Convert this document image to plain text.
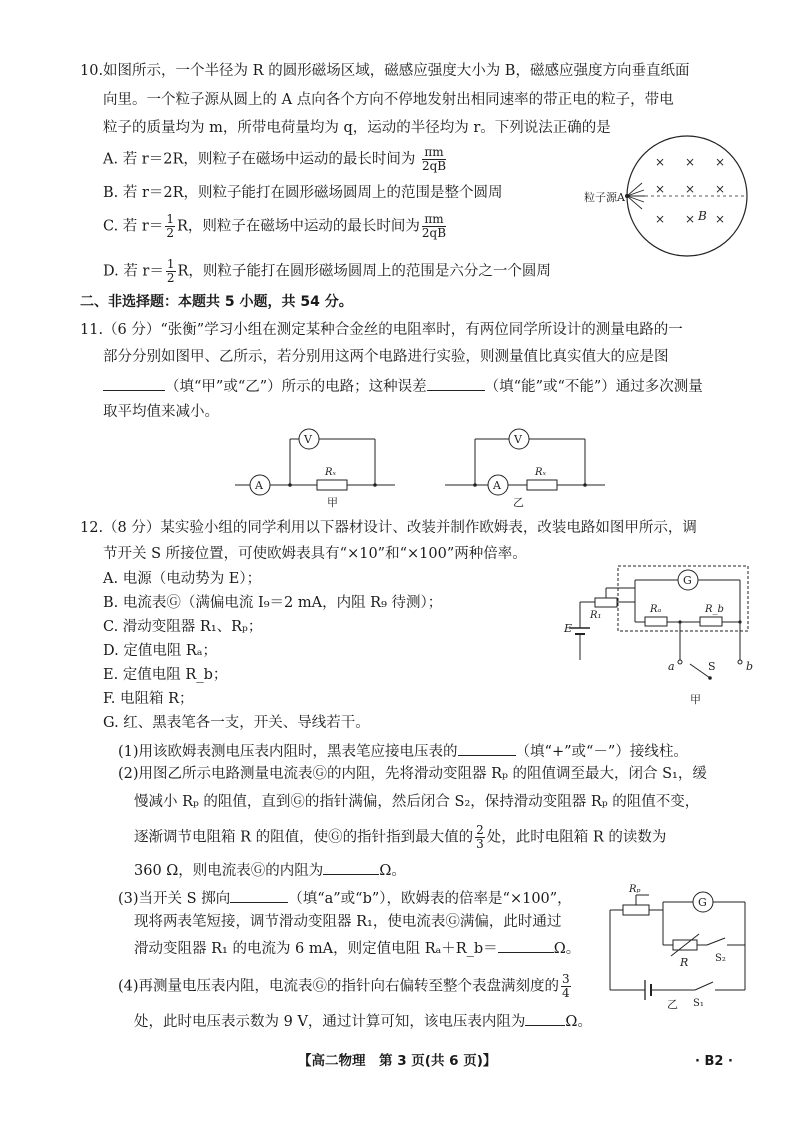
10.如图所示，一个半径为 R 的圆形磁场区域，磁感应强度大小为 B，磁感应强度方向垂直纸面
向里。一个粒子源从圆上的 A 点向各个方向不停地发射出相同速率的带正电的粒子，带电
粒子的质量均为 m，所带电荷量均为 q，运动的半径均为 r。下列说法正确的是
A. 若 r＝2R，则粒子在磁场中运动的最长时间为 $\frac{\pi m}{2qB}$
B. 若 r＝2R，则粒子能打在圆形磁场圆周上的范围是整个圆周
C. 若 $r= \frac{1}{2}$ R，则粒子在磁场中运动的最长时间为 $\frac{\pi m}{2qB}$
D. 若 $r= \frac{1}{2}$ R，则粒子能打在圆形磁场圆周上的范围是六分之一个圆周
粒子源A
× × ×
× × ×
× × ×
B
二、非选择题：本题共 5 小题，共 54 分。
11.（6 分）“张衡”学习小组在测定某种合金丝的电阻率时，有两位同学所设计的测量电路的一
部分分别如图甲、乙所示，若分别用这两个电路进行实验，则测量值比真实值大的应是图
（填“甲”或“乙”）所示的电路；这种误差	（填“能”或“不能”）通过多次测量
取平均值来减小。
A
V
Rₓ
甲
V
A
Rₓ
乙
12.（8 分）某实验小组的同学利用以下器材设计、改装并制作欧姆表，改装电路如图甲所示，调
节开关 S 所接位置，可使欧姆表具有“×10”和“×100”两种倍率。
A. 电源（电动势为 E）；
B. 电流表Ⓖ（满偏电流 I₉＝2 mA，内阻 R₉ 待测）；
C. 滑动变阻器 R₁、Rₚ；
D. 定值电阻 Rₐ；
E. 定值电阻 R_b；
F. 电阻箱 R；
G. 红、黑表笔各一支，开关、导线若干。
G
Rₐ	R_b
R₁
E
a	b
S
甲
(1)用该欧姆表测电压表内阻时，黑表笔应接电压表的	（填“+”或“－”）接线柱。
(2)用图乙所示电路测量电流表Ⓖ的内阻，先将滑动变阻器 Rₚ 的阻值调至最大，闭合 S₁，缓
慢减小 Rₚ 的阻值，直到Ⓖ的指针满偏，然后闭合 S₂，保持滑动变阻器 Rₚ 的阻值不变，
逐渐调节电阻箱 R 的阻值，使Ⓖ的指针指到最大值的 $\frac{2}{3}$ 处，此时电阻箱 R 的读数为
360 Ω，则电流表Ⓖ的内阻为	Ω。
(3)当开关 S 掷向	（填“a”或“b”），欧姆表的倍率是“×100”，
现将两表笔短接，调节滑动变阻器 R₁，使电流表Ⓖ满偏，此时通过
滑动变阻器 R₁ 的电流为 6 mA，则定值电阻 Rₐ＋R_b＝	Ω。
(4)再测量电压表内阻，电流表Ⓖ的指针向右偏转至整个表盘满刻度的 $\frac{3}{4}$
处，此时电压表示数为 9 V，通过计算可知，该电压表内阻为	Ω。
Rₚ
G
R	S₂
S₁
乙
【高二物理　第 3 页(共 6 页)】	· B2 ·
